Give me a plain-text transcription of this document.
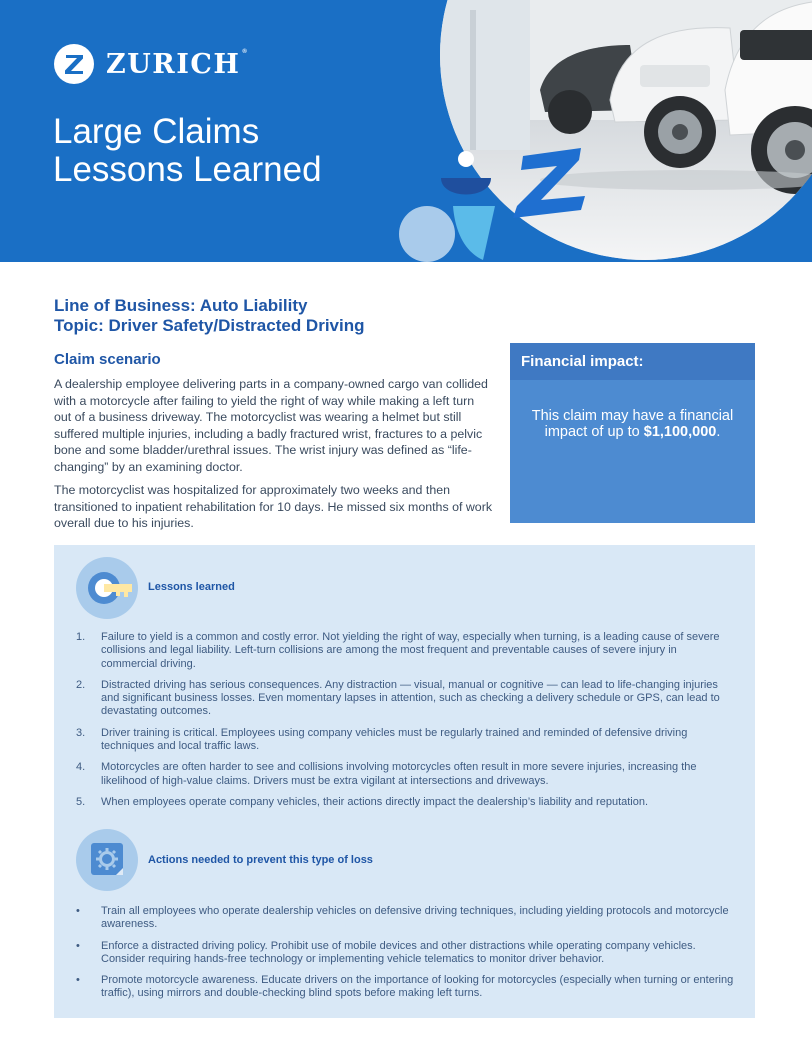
ZURICH ®
Large Claims
Lessons Learned
Line of Business: Auto Liability
Topic: Driver Safety/Distracted Driving
Claim scenario

A dealership employee delivering parts in a company-owned cargo van collided with a motorcycle after failing to yield the right of way while making a left turn out of a business driveway. The motorcyclist was wearing a helmet but still suffered multiple injuries, including a badly fractured wrist, fractures to a pelvic bone and some bladder/urethral issues. The wrist injury was defined as “life-changing” by an examining doctor.

The motorcyclist was hospitalized for approximately two weeks and then transitioned to inpatient rehabilitation for 10 days. He missed six months of work overall due to his injuries.

Financial impact:
This claim may have a financial impact of up to $1,100,000.
Lessons learned
1. Failure to yield is a common and costly error. Not yielding the right of way, especially when turning, is a leading cause of severe collisions and legal liability. Left-turn collisions are among the most frequent and preventable causes of severe injury in commercial driving.
2. Distracted driving has serious consequences. Any distraction — visual, manual or cognitive — can lead to life-changing injuries and significant business losses. Even momentary lapses in attention, such as checking a delivery schedule or GPS, can lead to devastating outcomes.
3. Driver training is critical. Employees using company vehicles must be regularly trained and reminded of defensive driving techniques and local traffic laws.
4. Motorcycles are often harder to see and collisions involving motorcycles often result in more severe injuries, increasing the likelihood of high-value claims. Drivers must be extra vigilant at intersections and driveways.
5. When employees operate company vehicles, their actions directly impact the dealership’s liability and reputation.
Actions needed to prevent this type of loss
• Train all employees who operate dealership vehicles on defensive driving techniques, including yielding protocols and motorcycle awareness.
• Enforce a distracted driving policy. Prohibit use of mobile devices and other distractions while operating company vehicles. Consider requiring hands-free technology or implementing vehicle telematics to monitor driver behavior.
• Promote motorcycle awareness. Educate drivers on the importance of looking for motorcycles (especially when turning or entering traffic), using mirrors and double-checking blind spots before making left turns.
